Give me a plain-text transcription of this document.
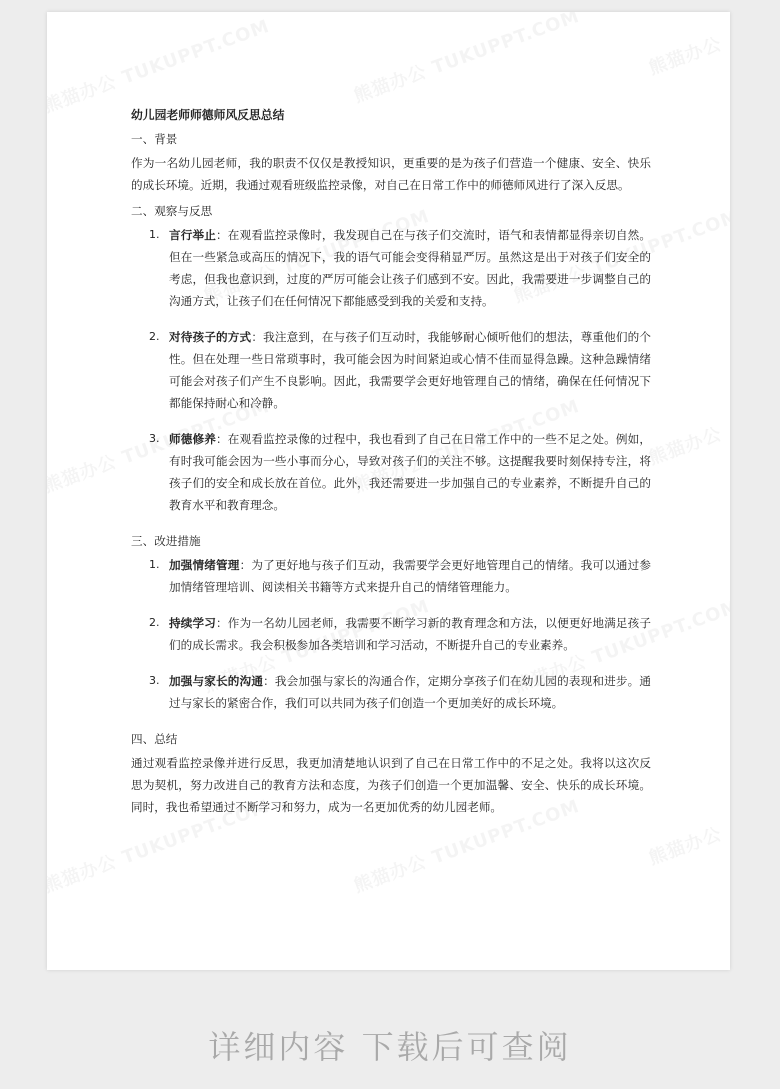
幼儿园老师师德师风反思总结
一、背景

作为一名幼儿园老师，我的职责不仅仅是教授知识，更重要的是为孩子们营造一个健康、安全、快乐的成长环境。近期，我通过观看班级监控录像，对自己在日常工作中的师德师风进行了深入反思。

二、观察与反思
1. 言行举止：在观看监控录像时，我发现自己在与孩子们交流时，语气和表情都显得亲切自然。但在一些紧急或高压的情况下，我的语气可能会变得稍显严厉。虽然这是出于对孩子们安全的考虑，但我也意识到，过度的严厉可能会让孩子们感到不安。因此，我需要进一步调整自己的沟通方式，让孩子们在任何情况下都能感受到我的关爱和支持。
2. 对待孩子的方式：我注意到，在与孩子们互动时，我能够耐心倾听他们的想法，尊重他们的个性。但在处理一些日常琐事时，我可能会因为时间紧迫或心情不佳而显得急躁。这种急躁情绪可能会对孩子们产生不良影响。因此，我需要学会更好地管理自己的情绪，确保在任何情况下都能保持耐心和冷静。
3. 师德修养：在观看监控录像的过程中，我也看到了自己在日常工作中的一些不足之处。例如，有时我可能会因为一些小事而分心，导致对孩子们的关注不够。这提醒我要时刻保持专注，将孩子们的安全和成长放在首位。此外，我还需要进一步加强自己的专业素养，不断提升自己的教育水平和教育理念。
三、改进措施
1. 加强情绪管理：为了更好地与孩子们互动，我需要学会更好地管理自己的情绪。我可以通过参加情绪管理培训、阅读相关书籍等方式来提升自己的情绪管理能力。
2. 持续学习：作为一名幼儿园老师，我需要不断学习新的教育理念和方法，以便更好地满足孩子们的成长需求。我会积极参加各类培训和学习活动，不断提升自己的专业素养。
3. 加强与家长的沟通：我会加强与家长的沟通合作，定期分享孩子们在幼儿园的表现和进步。通过与家长的紧密合作，我们可以共同为孩子们创造一个更加美好的成长环境。
四、总结

通过观看监控录像并进行反思，我更加清楚地认识到了自己在日常工作中的不足之处。我将以这次反思为契机，努力改进自己的教育方法和态度，为孩子们创造一个更加温馨、安全、快乐的成长环境。同时，我也希望通过不断学习和努力，成为一名更加优秀的幼儿园老师。

详细内容 下载后可查阅
